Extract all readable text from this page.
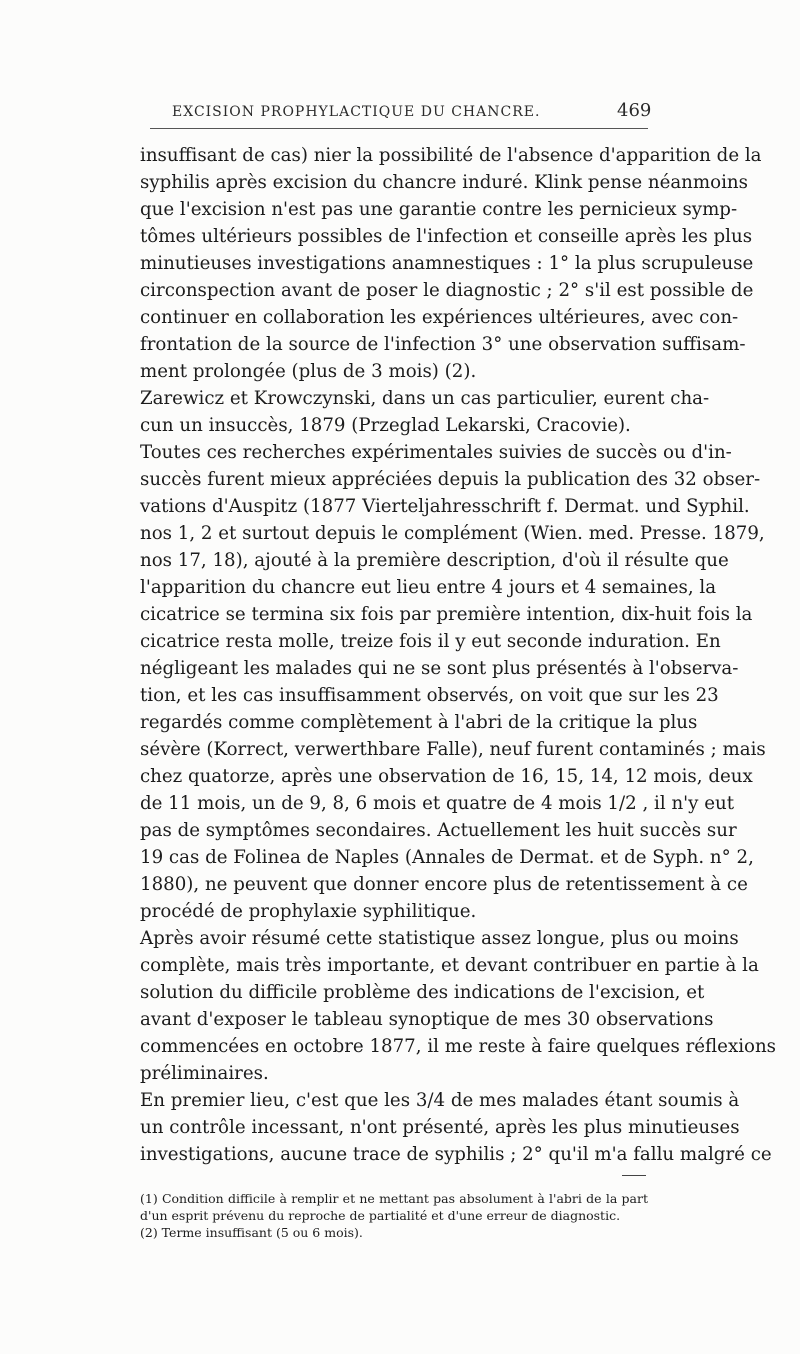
EXCISION PROPHYLACTIQUE DU CHANCRE.	469
insuffisant de cas) nier la possibilité de l'absence d'apparition de la
syphilis après excision du chancre induré. Klink pense néanmoins
que l'excision n'est pas une garantie contre les pernicieux symp-
tômes ultérieurs possibles de l'infection et conseille après les plus
minutieuses investigations anamnestiques : 1° la plus scrupuleuse
circonspection avant de poser le diagnostic ; 2° s'il est possible de
continuer en collaboration les expériences ultérieures, avec con-
frontation de la source de l'infection 3° une observation suffisam-
ment prolongée (plus de 3 mois) (2).
Zarewicz et Krowczynski, dans un cas particulier, eurent cha-
cun un insuccès, 1879 (Przeglad Lekarski, Cracovie).
Toutes ces recherches expérimentales suivies de succès ou d'in-
succès furent mieux appréciées depuis la publication des 32 obser-
vations d'Auspitz (1877 Vierteljahresschrift f. Dermat. und Syphil.
nos 1, 2 et surtout depuis le complément (Wien. med. Presse. 1879,
nos 17, 18), ajouté à la première description, d'où il résulte que
l'apparition du chancre eut lieu entre 4 jours et 4 semaines, la
cicatrice se termina six fois par première intention, dix-huit fois la
cicatrice resta molle, treize fois il y eut seconde induration. En
négligeant les malades qui ne se sont plus présentés à l'observa-
tion, et les cas insuffisamment observés, on voit que sur les 23
regardés comme complètement à l'abri de la critique la plus
sévère (Korrect, verwerthbare Falle), neuf furent contaminés ; mais
chez quatorze, après une observation de 16, 15, 14, 12 mois, deux
de 11 mois, un de 9, 8, 6 mois et quatre de 4 mois 1/2 , il n'y eut
pas de symptômes secondaires. Actuellement les huit succès sur
19 cas de Folinea de Naples (Annales de Dermat. et de Syph. n° 2,
1880), ne peuvent que donner encore plus de retentissement à ce
procédé de prophylaxie syphilitique.
Après avoir résumé cette statistique assez longue, plus ou moins
complète, mais très importante, et devant contribuer en partie à la
solution du difficile problème des indications de l'excision, et
avant d'exposer le tableau synoptique de mes 30 observations
commencées en octobre 1877, il me reste à faire quelques réflexions
préliminaires.
En premier lieu, c'est que les 3/4 de mes malades étant soumis à
un contrôle incessant, n'ont présenté, après les plus minutieuses
investigations, aucune trace de syphilis ; 2° qu'il m'a fallu malgré ce
(1) Condition difficile à remplir et ne mettant pas absolument à l'abri de la part
d'un esprit prévenu du reproche de partialité et d'une erreur de diagnostic.
(2) Terme insuffisant (5 ou 6 mois).
